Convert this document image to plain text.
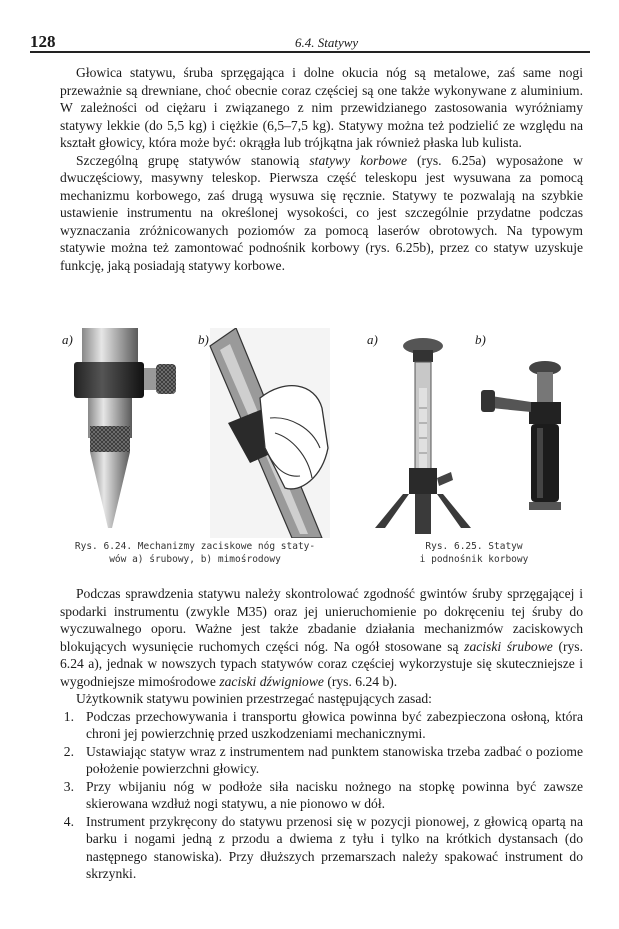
128	6.4. Statywy

Głowica statywu, śruba sprzęgająca i dolne okucia nóg są metalowe, zaś same nogi przeważnie są drewniane, choć obecnie coraz częściej są one także wykonywane z aluminium. W zależności od ciężaru i związanego z nim przewidzianego zastosowania wyróżniamy statywy lekkie (do 5,5 kg) i ciężkie (6,5–7,5 kg). Statywy można też podzielić ze względu na kształt głowicy, która może być: okrągła lub trójkątna jak również płaska lub kulista.

Szczególną grupę statywów stanowią statywy korbowe (rys. 6.25a) wyposażone w dwuczęściowy, masywny teleskop. Pierwsza część teleskopu jest wysuwana za pomocą mechanizmu korbowego, zaś drugą wysuwa się ręcznie. Statywy te pozwalają na szybkie ustawienie instrumentu na określonej wysokości, co jest szczególnie przydatne podczas wyznaczania zróżnicowanych poziomów za pomocą laserów obrotowych. Na typowym statywie można też zamontować podnośnik korbowy (rys. 6.25b), przez co statyw uzyskuje funkcję, jaką posiadają statywy korbowe.

a)	b)
Rys. 6.24. Mechanizmy zaciskowe nóg staty-
wów a) śrubowy, b) mimośrodowy
a)	b)
Rys. 6.25. Statyw
i podnośnik korbowy

Podczas sprawdzenia statywu należy skontrolować zgodność gwintów śruby sprzęgającej i spodarki instrumentu (zwykle M35) oraz jej unieruchomienie po dokręceniu tej śruby do wyczuwalnego oporu. Ważne jest także zbadanie działania mechanizmów zaciskowych blokujących wysunięcie ruchomych części nóg. Na ogół stosowane są zaciski śrubowe (rys. 6.24 a), jednak w nowszych typach statywów coraz częściej wykorzystuje się skuteczniejsze i wygodniejsze mimośrodowe zaciski dźwigniowe (rys. 6.24 b).

Użytkownik statywu powinien przestrzegać następujących zasad:

1. Podczas przechowywania i transportu głowica powinna być zabezpieczona osłoną, która chroni jej powierzchnię przed uszkodzeniami mechanicznymi.
2. Ustawiając statyw wraz z instrumentem nad punktem stanowiska trzeba zadbać o poziome położenie powierzchni głowicy.
3. Przy wbijaniu nóg w podłoże siła nacisku nożnego na stopkę powinna być zawsze skierowana wzdłuż nogi statywu, a nie pionowo w dół.
4. Instrument przykręcony do statywu przenosi się w pozycji pionowej, z głowicą opartą na barku i nogami jedną z przodu a dwiema z tyłu i tylko na krótkich dystansach (do następnego stanowiska). Przy dłuższych przemarszach należy spakować instrument do skrzynki.
